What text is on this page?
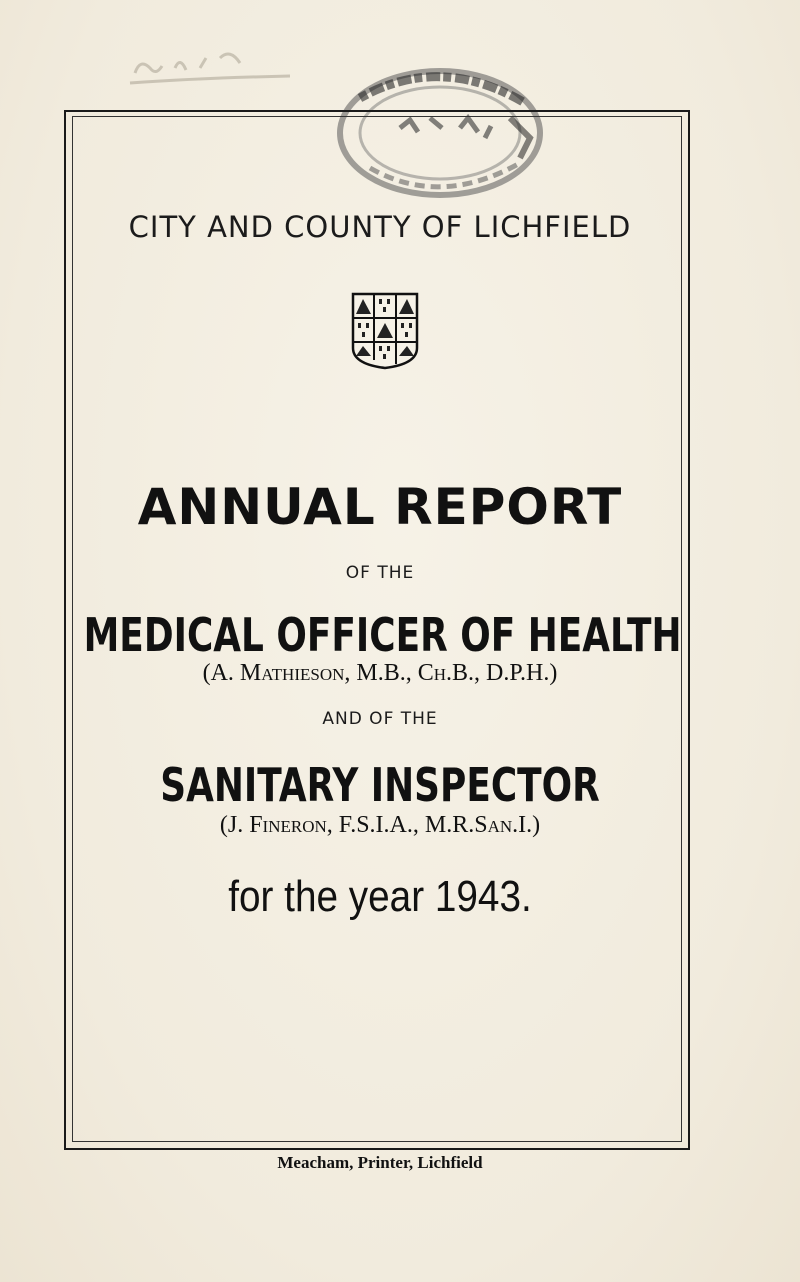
CITY AND COUNTY OF LICHFIELD
ANNUAL REPORT
OF THE
MEDICAL OFFICER OF HEALTH
(A. Mathieson, M.B., Ch.B., D.P.H.)
AND OF THE
SANITARY INSPECTOR
(J. Fineron, F.S.I.A., M.R.San.I.)
for the year 1943.
Meacham, Printer, Lichfield
